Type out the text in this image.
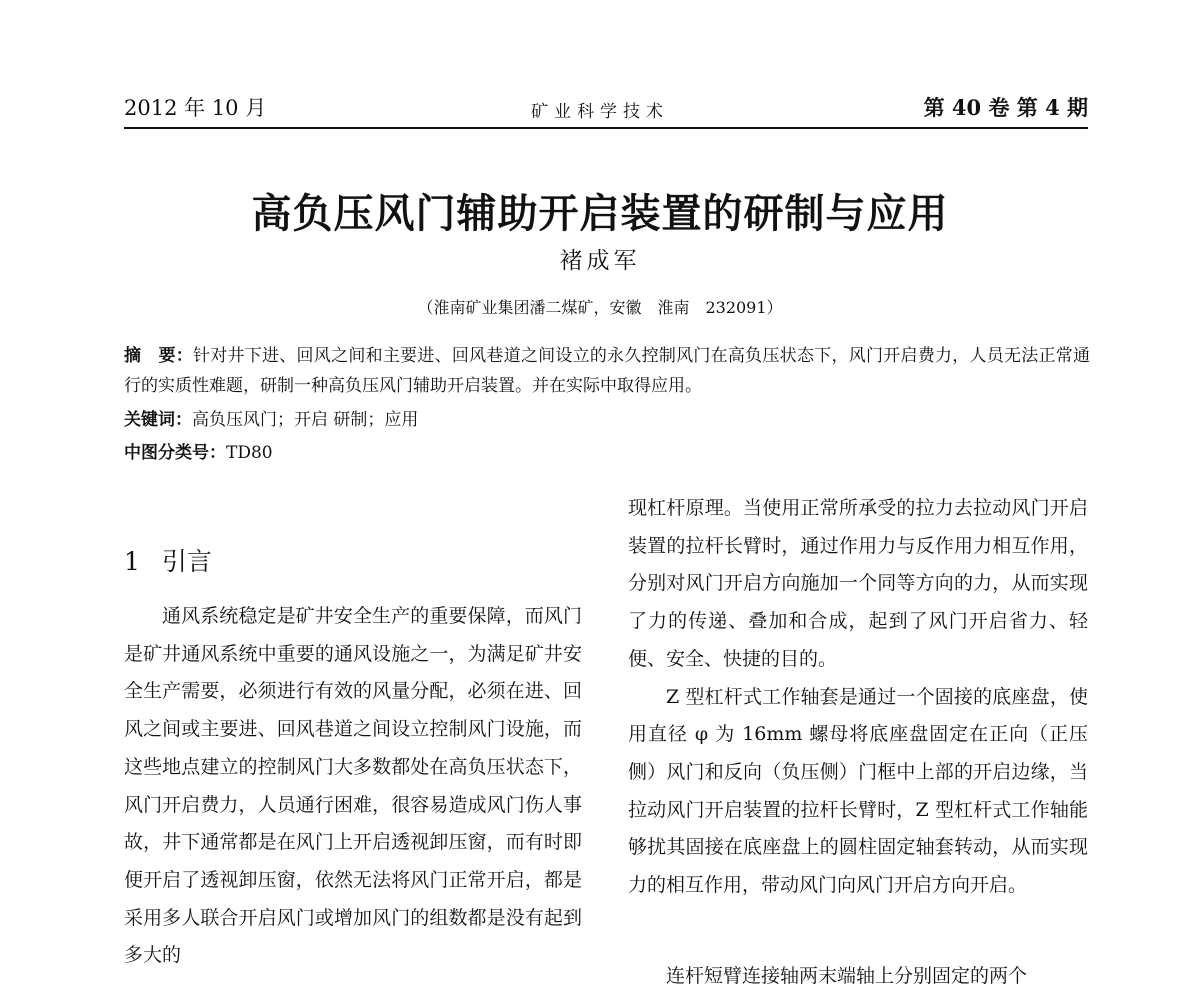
2012 年 10 月	矿业科学技术	第 40 卷 第 4 期
高负压风门辅助开启装置的研制与应用
褚成军
（淮南矿业集团潘二煤矿，安徽　淮南　232091）
摘　要：针对井下进、回风之间和主要进、回风巷道之间设立的永久控制风门在高负压状态下，风门开启费力，人员无法正常通行的实质性难题，研制一种高负压风门辅助开启装置。并在实际中取得应用。
关键词：高负压风门；开启 研制；应用
中图分类号：TD80
1 引言

通风系统稳定是矿井安全生产的重要保障，而风门是矿井通风系统中重要的通风设施之一，为满足矿井安全生产需要，必须进行有效的风量分配，必须在进、回风之间或主要进、回风巷道之间设立控制风门设施，而这些地点建立的控制风门大多数都处在高负压状态下，风门开启费力，人员通行困难，很容易造成风门伤人事故，井下通常都是在风门上开启透视卸压窗，而有时即便开启了透视卸压窗，依然无法将风门正常开启，都是采用多人联合开启风门或增加风门的组数都是没有起到多大的

现杠杆原理。当使用正常所承受的拉力去拉动风门开启装置的拉杆长臂时，通过作用力与反作用力相互作用，分别对风门开启方向施加一个同等方向的力，从而实现了力的传递、叠加和合成，起到了风门开启省力、轻便、安全、快捷的目的。

Z 型杠杆式工作轴套是通过一个固接的底座盘，使用直径 φ 为 16mm 螺母将底座盘固定在正向（正压侧）风门和反向（负压侧）门框中上部的开启边缘，当拉动风门开启装置的拉杆长臂时，Z 型杠杆式工作轴能够扰其固接在底座盘上的圆柱固定轴套转动，从而实现力的相互作用，带动风门向风门开启方向开启。

连杆短臂连接轴两末端轴上分别固定的两个
